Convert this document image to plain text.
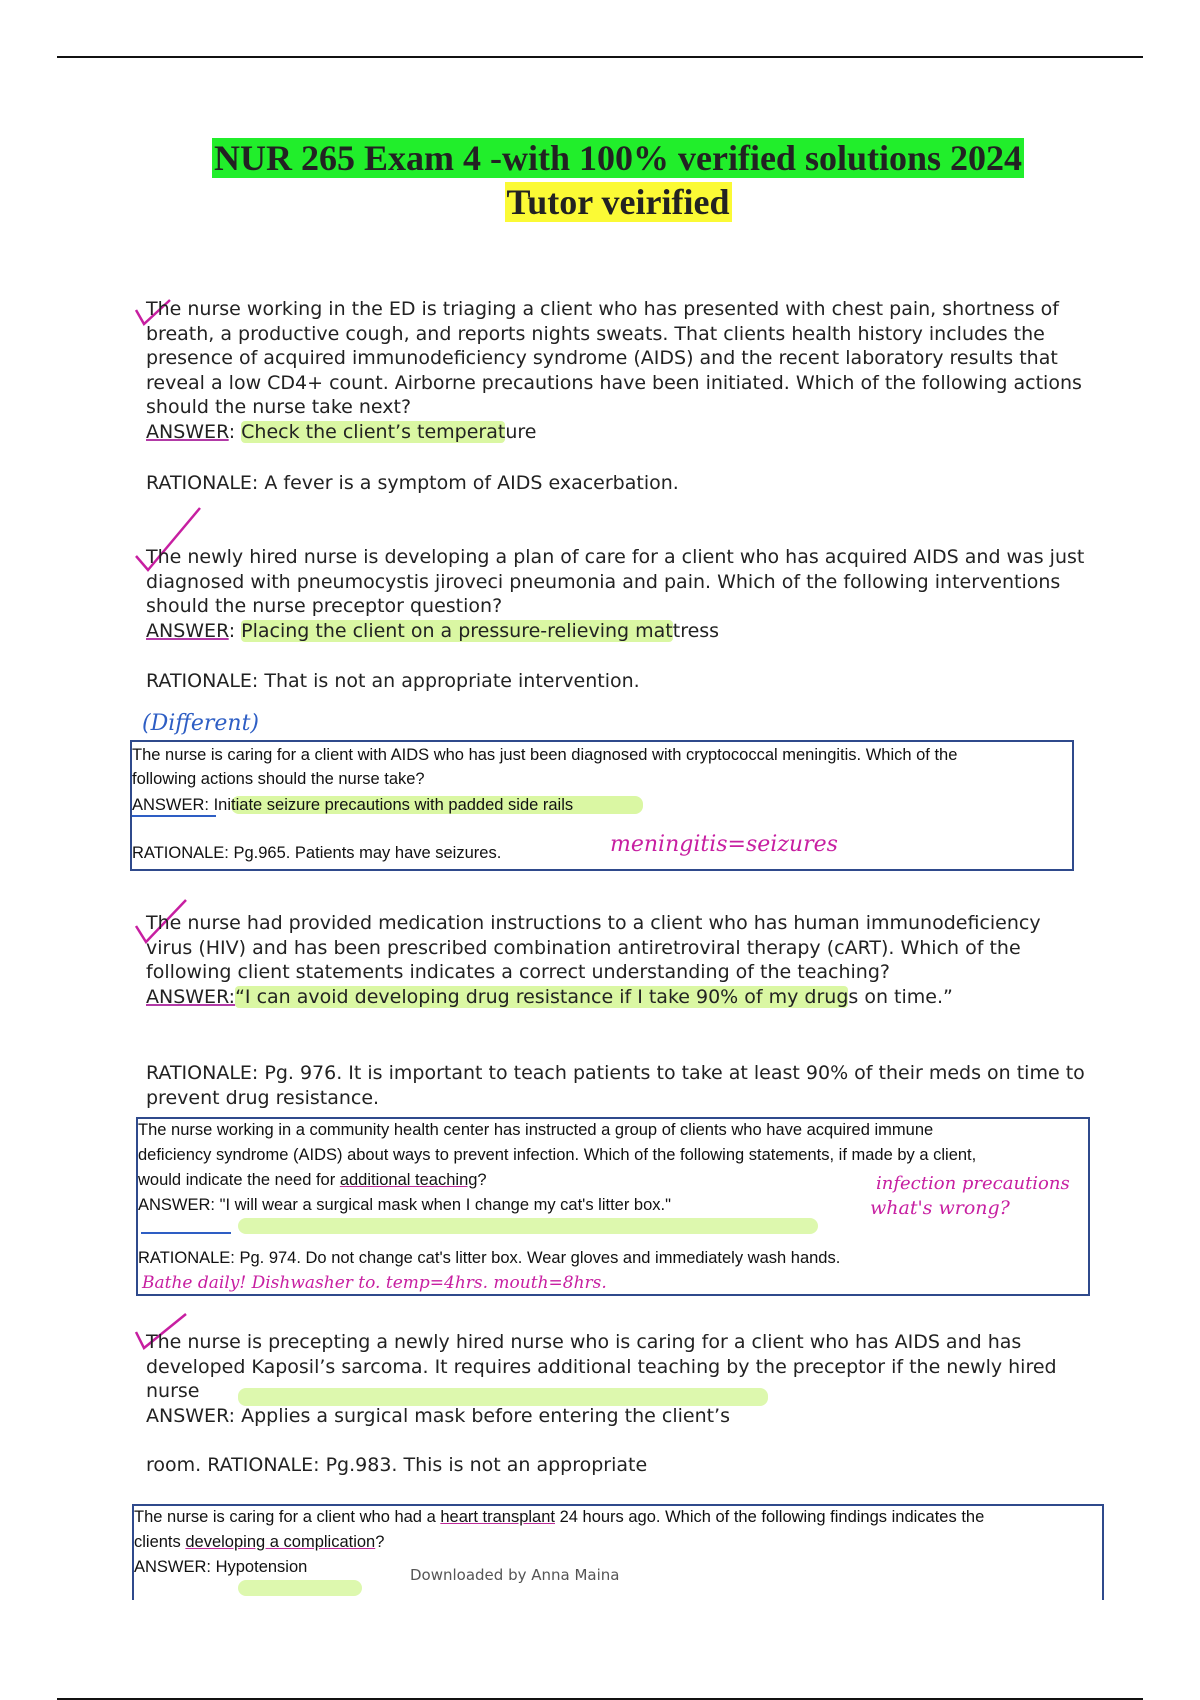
NUR 265 Exam 4 -with 100% verified solutions 2024
Tutor veirified

The nurse working in the ED is triaging a client who has presented with chest pain, shortness of breath, a productive cough, and reports nights sweats. That clients health history includes the presence of acquired immunodeficiency syndrome (AIDS) and the recent laboratory results that reveal a low CD4+ count. Airborne precautions have been initiated. Which of the following actions should the nurse take next?

ANSWER: Check the client’s temperature

RATIONALE: A fever is a symptom of AIDS exacerbation.

The newly hired nurse is developing a plan of care for a client who has acquired AIDS and was just diagnosed with pneumocystis jiroveci pneumonia and pain. Which of the following interventions should the nurse preceptor question?

ANSWER: Placing the client on a pressure-relieving mattress

RATIONALE: That is not an appropriate intervention.
(Different)
The nurse is caring for a client with AIDS who has just been diagnosed with cryptococcal meningitis. Which of the
following actions should the nurse take?
ANSWER: Initiate seizure precautions with padded side rails
RATIONALE: Pg.965. Patients may have seizures.	meningitis=seizures

The nurse had provided medication instructions to a client who has human immunodeficiency virus (HIV) and has been prescribed combination antiretroviral therapy (cART). Which of the following client statements indicates a correct understanding of the teaching?

ANSWER:“I can avoid developing drug resistance if I take 90% of my drugs on time.”

RATIONALE: Pg. 976. It is important to teach patients to take at least 90% of their meds on time to prevent drug resistance.
The nurse working in a community health center has instructed a group of clients who have acquired immune
deficiency syndrome (AIDS) about ways to prevent infection. Which of the following statements, if made by a client,
would indicate the need for additional teaching?
ANSWER: "I will wear a surgical mask when I change my cat's litter box."
RATIONALE: Pg. 974. Do not change cat's litter box. Wear gloves and immediately wash hands.
Bathe daily! Dishwasher to. temp=4hrs. mouth=8hrs.
infection precautions
what's wrong?

The nurse is precepting a newly hired nurse who is caring for a client who has AIDS and has developed Kaposil’s sarcoma. It requires additional teaching by the preceptor if the newly hired nurse

ANSWER: Applies a surgical mask before entering the client’s

room. RATIONALE: Pg.983. This is not an appropriate
The nurse is caring for a client who had a heart transplant 24 hours ago. Which of the following findings indicates the
clients developing a complication?
ANSWER: Hypotension	Downloaded by Anna Maina
